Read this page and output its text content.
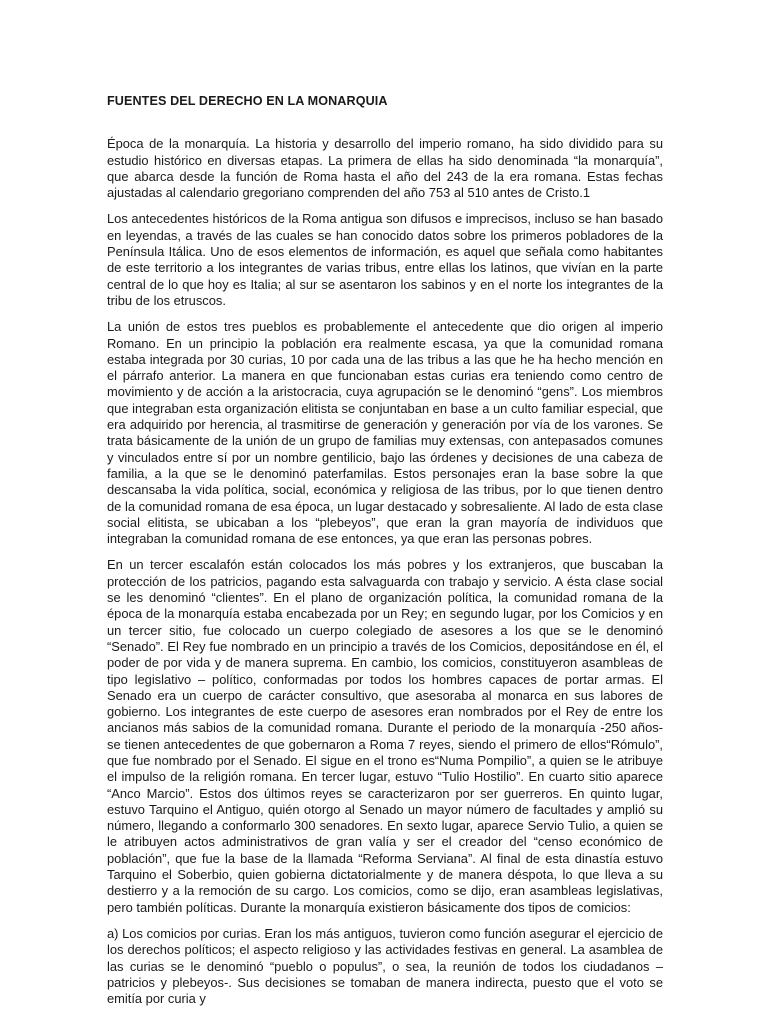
FUENTES DEL DERECHO EN LA MONARQUIA

Época de la monarquía. La historia y desarrollo del imperio romano, ha sido dividido para su estudio histórico en diversas etapas. La primera de ellas ha sido denominada “la monarquía”, que abarca desde la función de Roma hasta el año del 243 de la era romana. Estas fechas ajustadas al calendario gregoriano comprenden del año 753 al 510 antes de Cristo.1

Los antecedentes históricos de la Roma antigua son difusos e imprecisos, incluso se han basado en leyendas, a través de las cuales se han conocido datos sobre los primeros pobladores de la Península Itálica. Uno de esos elementos de información, es aquel que señala como habitantes de este territorio a los integrantes de varias tribus, entre ellas los latinos, que vivían en la parte central de lo que hoy es Italia; al sur se asentaron los sabinos y en el norte los integrantes de la tribu de los etruscos.

La unión de estos tres pueblos es probablemente el antecedente que dio origen al imperio Romano. En un principio la población era realmente escasa, ya que la comunidad romana estaba integrada por 30 curias, 10 por cada una de las tribus a las que he ha hecho mención en el párrafo anterior. La manera en que funcionaban estas curias era teniendo como centro de movimiento y de acción a la aristocracia, cuya agrupación se le denominó “gens”. Los miembros que integraban esta organización elitista se conjuntaban en base a un culto familiar especial, que era adquirido por herencia, al trasmitirse de generación y generación por vía de los varones. Se trata básicamente de la unión de un grupo de familias muy extensas, con antepasados comunes y vinculados entre sí por un nombre gentilicio, bajo las órdenes y decisiones de una cabeza de familia, a la que se le denominó paterfamilas. Estos personajes eran la base sobre la que descansaba la vida política, social, económica y religiosa de las tribus, por lo que tienen dentro de la comunidad romana de esa época, un lugar destacado y sobresaliente. Al lado de esta clase social elitista, se ubicaban a los “plebeyos”, que eran la gran mayoría de individuos que integraban la comunidad romana de ese entonces, ya que eran las personas pobres.

En un tercer escalafón están colocados los más pobres y los extranjeros, que buscaban la protección de los patricios, pagando esta salvaguarda con trabajo y servicio. A ésta clase social se les denominó “clientes”. En el plano de organización política, la comunidad romana de la época de la monarquía estaba encabezada por un Rey; en segundo lugar, por los Comicios y en un tercer sitio, fue colocado un cuerpo colegiado de asesores a los que se le denominó “Senado”. El Rey fue nombrado en un principio a través de los Comicios, depositándose en él, el poder de por vida y de manera suprema. En cambio, los comicios, constituyeron asambleas de tipo legislativo – político, conformadas por todos los hombres capaces de portar armas. El Senado era un cuerpo de carácter consultivo, que asesoraba al monarca en sus labores de gobierno. Los integrantes de este cuerpo de asesores eran nombrados por el Rey de entre los ancianos más sabios de la comunidad romana. Durante el periodo de la monarquía -250 años- se tienen antecedentes de que gobernaron a Roma 7 reyes, siendo el primero de ellos“Rómulo”, que fue nombrado por el Senado. El sigue en el trono es“Numa Pompilio”, a quien se le atribuye el impulso de la religión romana. En tercer lugar, estuvo “Tulio Hostilio”. En cuarto sitio aparece “Anco Marcio”. Estos dos últimos reyes se caracterizaron por ser guerreros. En quinto lugar, estuvo Tarquino el Antiguo, quién otorgo al Senado un mayor número de facultades y amplió su número, llegando a conformarlo 300 senadores. En sexto lugar, aparece Servio Tulio, a quien se le atribuyen actos administrativos de gran valía y ser el creador del “censo económico de población”, que fue la base de la llamada “Reforma Serviana”. Al final de esta dinastía estuvo Tarquino el Soberbio, quien gobierna dictatorialmente y de manera déspota, lo que lleva a su destierro y a la remoción de su cargo. Los comicios, como se dijo, eran asambleas legislativas, pero también políticas. Durante la monarquía existieron básicamente dos tipos de comicios:

a) Los comicios por curias. Eran los más antiguos, tuvieron como función asegurar el ejercicio de los derechos políticos; el aspecto religioso y las actividades festivas en general. La asamblea de las curias se le denominó “pueblo o populus”, o sea, la reunión de todos los ciudadanos –patricios y plebeyos-. Sus decisiones se tomaban de manera indirecta, puesto que el voto se emitía por curia y
